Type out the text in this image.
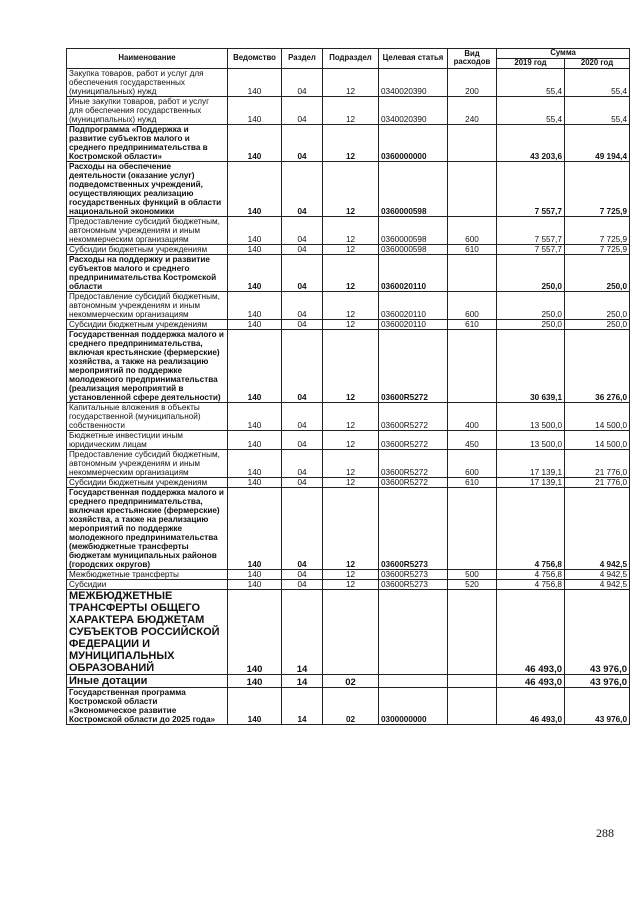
Наименование	Ведомство	Раздел	Подраздел	Целевая статья	Вид расходов	Сумма	
						2019 год	2020 год
Закупка товаров, работ и услуг для обеспечения государственных (муниципальных) нужд	140	04	12	0340020390	200	55,4	55,4
Иные закупки товаров, работ и услуг для обеспечения государственных (муниципальных) нужд	140	04	12	0340020390	240	55,4	55,4
Подпрограмма «Поддержка и развитие субъектов малого и среднего предпринимательства в Костромской области»	140	04	12	0360000000		43 203,6	49 194,4
Расходы на обеспечение деятельности (оказание услуг) подведомственных учреждений, осуществляющих реализацию государственных функций в области национальной экономики	140	04	12	0360000598		7 557,7	7 725,9
Предоставление субсидий бюджетным, автономным учреждениям и иным некоммерческим организациям	140	04	12	0360000598	600	7 557,7	7 725,9
Субсидии бюджетным учреждениям	140	04	12	0360000598	610	7 557,7	7 725,9
Расходы на поддержку и развитие субъектов малого и среднего предпринимательства Костромской области	140	04	12	0360020110		250,0	250,0
Предоставление субсидий бюджетным, автономным учреждениям и иным некоммерческим организациям	140	04	12	0360020110	600	250,0	250,0
Субсидии бюджетным учреждениям	140	04	12	0360020110	610	250,0	250,0
Государственная поддержка малого и среднего предпринимательства, включая крестьянские (фермерские) хозяйства, а также на реализацию мероприятий по поддержке молодежного предпринимательства (реализация мероприятий в установленной сфере деятельности)	140	04	12	03600R5272		30 639,1	36 276,0
Капитальные вложения в объекты государственной (муниципальной) собственности	140	04	12	03600R5272	400	13 500,0	14 500,0
Бюджетные инвестиции иным юридическим лицам	140	04	12	03600R5272	450	13 500,0	14 500,0
Предоставление субсидий бюджетным, автономным учреждениям и иным некоммерческим организациям	140	04	12	03600R5272	600	17 139,1	21 776,0
Субсидии бюджетным учреждениям	140	04	12	03600R5272	610	17 139,1	21 776,0
Государственная поддержка малого и среднего предпринимательства, включая крестьянские (фермерские) хозяйства, а также на реализацию мероприятий по поддержке молодежного предпринимательства (межбюджетные трансферты бюджетам муниципальных районов (городских округов)	140	04	12	03600R5273		4 756,8	4 942,5
Межбюджетные трансферты	140	04	12	03600R5273	500	4 756,8	4 942,5
Субсидии	140	04	12	03600R5273	520	4 756,8	4 942,5
МЕЖБЮДЖЕТНЫЕ ТРАНСФЕРТЫ ОБЩЕГО ХАРАКТЕРА БЮДЖЕТАМ СУБЪЕКТОВ РОССИЙСКОЙ ФЕДЕРАЦИИ И МУНИЦИПАЛЬНЫХ ОБРАЗОВАНИЙ	140	14				46 493,0	43 976,0
Иные дотации	140	14	02			46 493,0	43 976,0
Государственная программа Костромской области «Экономическое развитие Костромской области до 2025 года»	140	14	02	0300000000		46 493,0	43 976,0
288
